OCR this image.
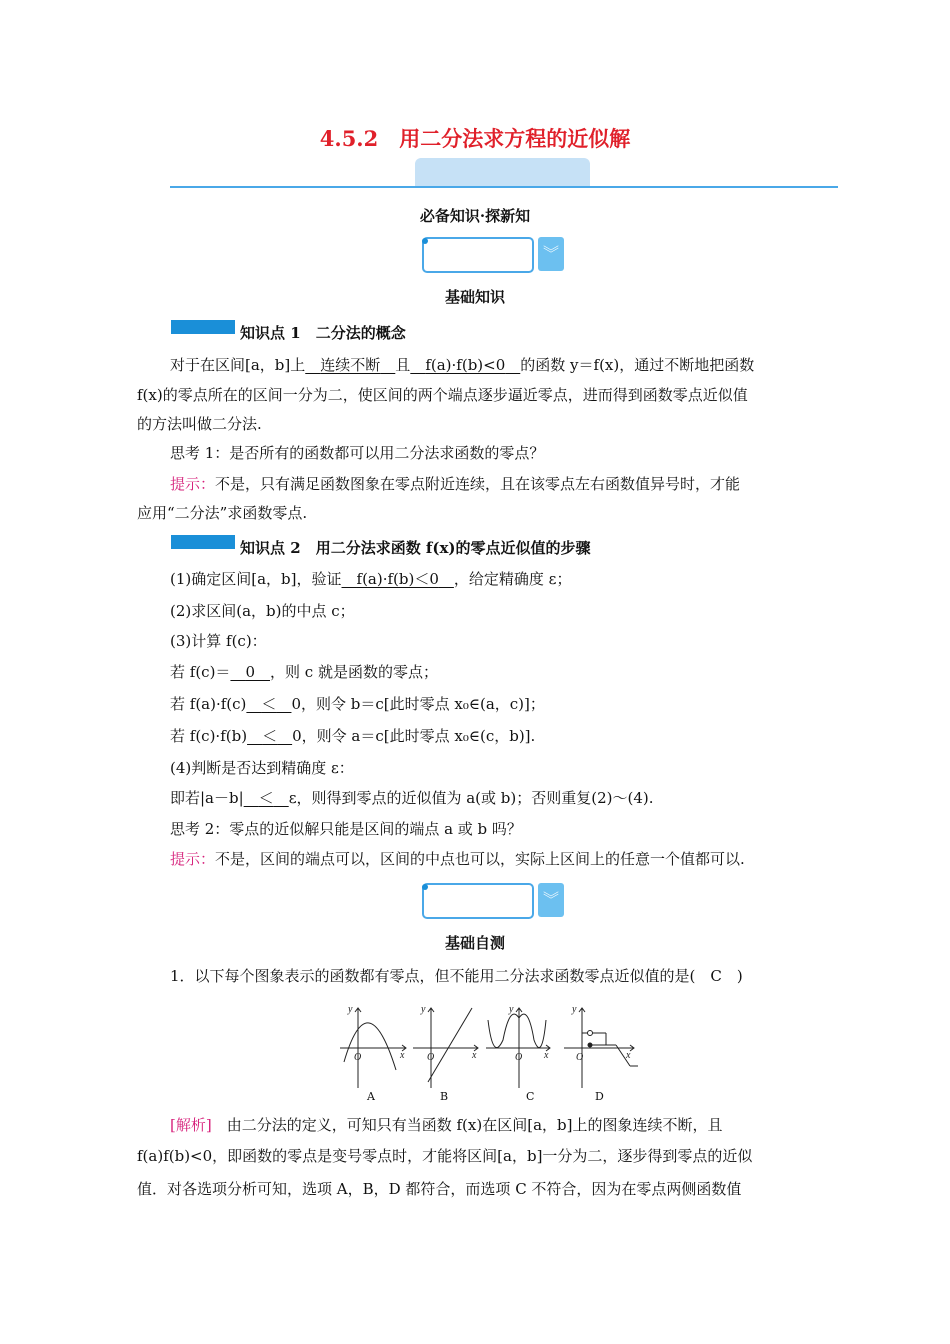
4.5.2　用二分法求方程的近似解
必备知识·探新知
︾
基础知识
知识点 1　 二分法的概念
对于在区间[a，b]上　 连续不断　 且　 f(a)·f(b)<0　 的函数 y＝f(x)，通过不断地把函数
f(x)的零点所在的区间一分为二，使区间的两个端点逐步逼近零点，进而得到函数零点近似值
的方法叫做二分法.
思考 1：是否所有的函数都可以用二分法求函数的零点？
提示：不是，只有满足函数图象在零点附近连续，且在该零点左右函数值异号时，才能
应用“二分法”求函数零点.
知识点 2　 用二分法求函数 f(x)的零点近似值的步骤
(1)确定区间[a，b]，验证　 f(a)·f(b)＜0　 ，给定精确度 ε；
(2)求区间(a，b)的中点 c；
(3)计算 f(c)：
若 f(c)＝　 0　 ，则 c 就是函数的零点；
若 f(a)·f(c)　 ＜　 0，则令 b＝c[此时零点 x₀∈(a，c)]；
若 f(c)·f(b)　 ＜　 0，则令 a＝c[此时零点 x₀∈(c，b)].
(4)判断是否达到精确度 ε：
即若|a－b|　 ＜　 ε，则得到零点的近似值为 a(或 b)；否则重复(2)～(4).
思考 2：零点的近似解只能是区间的端点 a 或 b 吗？
提示：不是，区间的端点可以，区间的中点也可以，实际上区间上的任意一个值都可以.
︾
基础自测
1．以下每个图象表示的函数都有零点，但不能用二分法求函数零点近似值的是(　C　)
y
x
O
y
x
O
y
x
O
y
x
O
A	B	C	D
[解析]　 由二分法的定义，可知只有当函数 f(x)在区间[a，b]上的图象连续不断，且
f(a)f(b)<0，即函数的零点是变号零点时，才能将区间[a，b]一分为二，逐步得到零点的近似
值．对各选项分析可知，选项 A，B，D 都符合，而选项 C 不符合，因为在零点两侧函数值
